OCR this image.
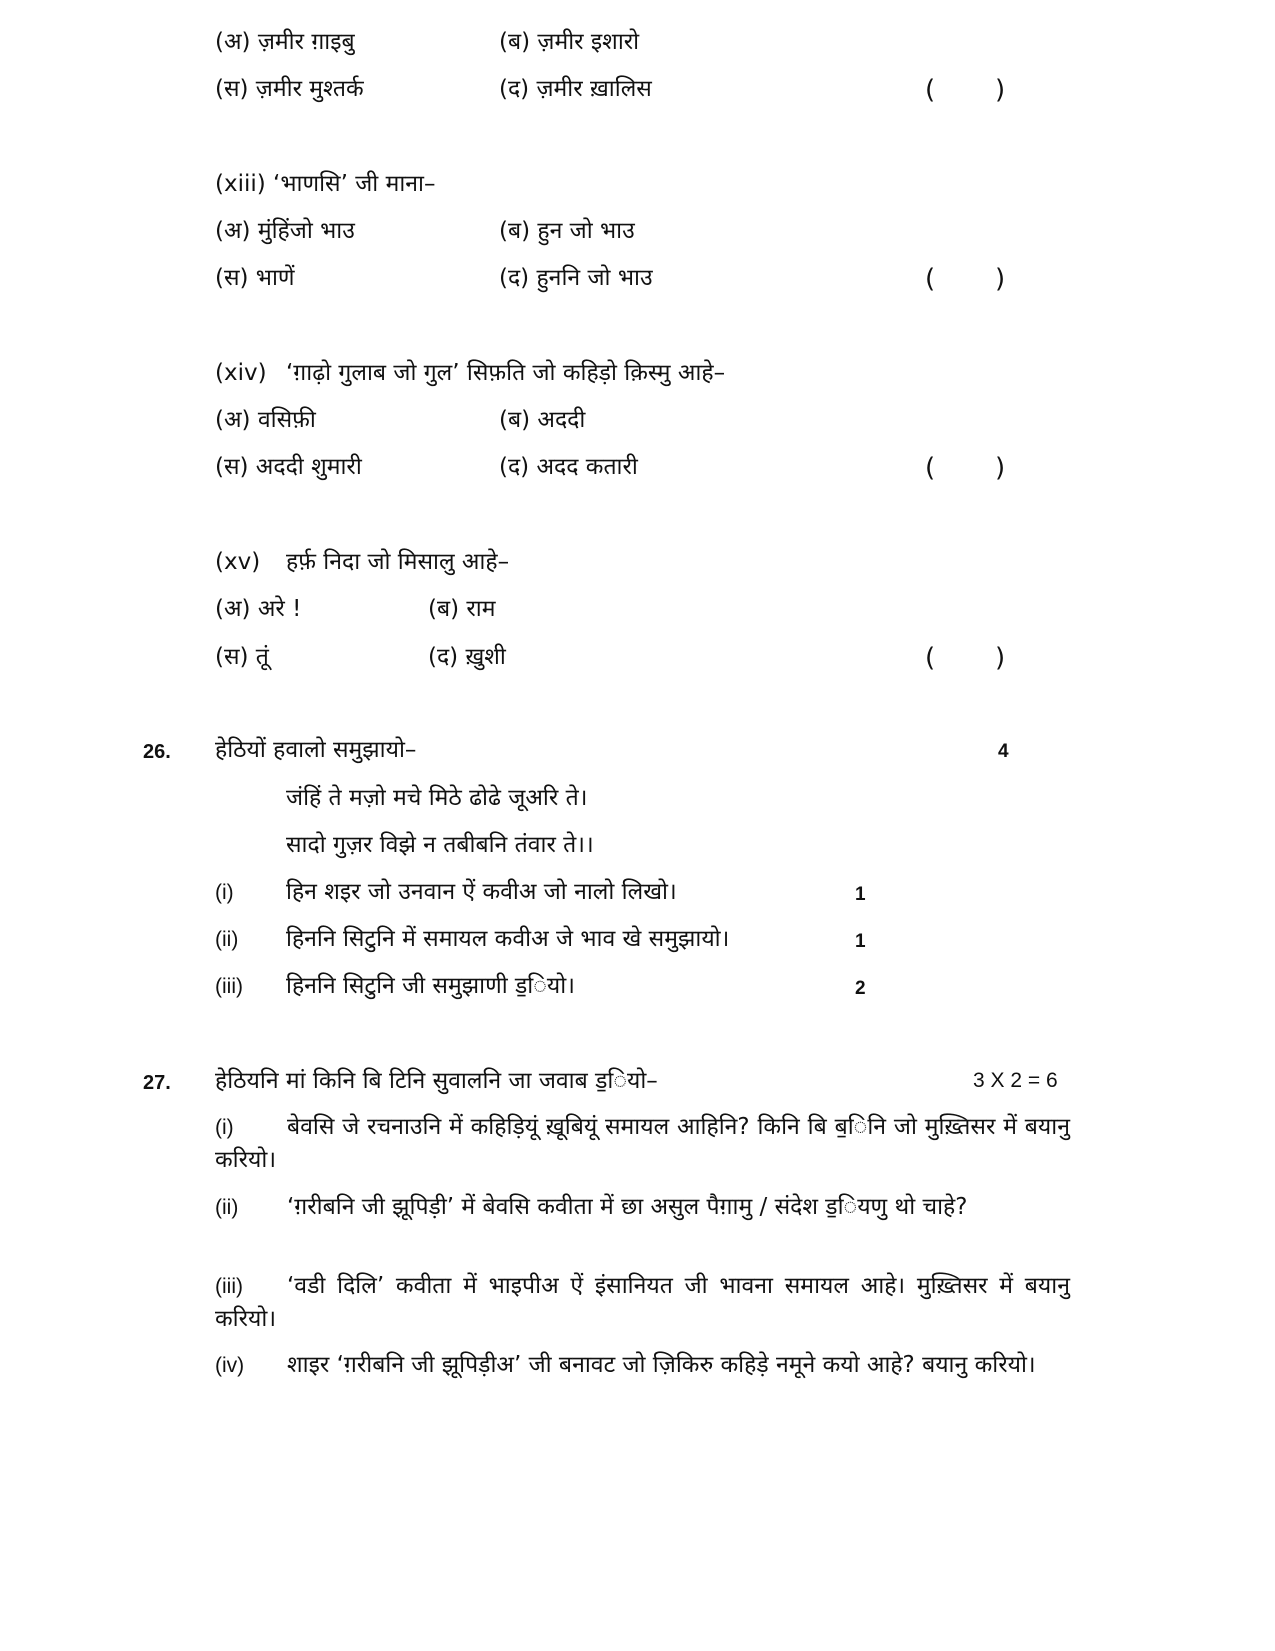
(अ) ज़मीर ग़ाइबु	(ब) ज़मीर इशारो
(स) ज़मीर मुश्तर्क	(द) ज़मीर ख़ालिस	( )
(xiii) ‘भाणसि’ जी माना–
(अ) मुंहिंजो भाउ	(ब) हुन जो भाउ
(स) भाणें	(द) हुननि जो भाउ	( )
(xiv) ‘ग़ाढ़ो गुलाब जो गुल’ सिफ़ति जो कहिड़ो क़िस्मु आहे–
(अ) वसिफ़ी	(ब) अददी
(स) अददी शुमारी	(द) अदद कतारी	( )
(xv) हर्फ़ निदा जो मिसालु आहे–
(अ) अरे !	(ब) राम
(स) तूं	(द) ख़ुशी	( )
26. हेठियों हवालो समुझायो–	4
जंहिं ते मज़ो मचे मिठे ढोढे जूअरि ते।
सादो गुज़र विझे न तबीबनि तंवार ते।।
(i) हिन शइर जो उनवान ऐं कवीअ जो नालो लिखो।	1
(ii) हिननि सिटुनि में समायल कवीअ जे भाव खे समुझायो।	1
(iii) हिननि सिटुनि जी समुझाणी ड॒ियो।	2
27. हेठियनि मां किनि बि टिनि सुवालनि जा जवाब ड॒ियो–	3 X 2 = 6
(i) बेवसि जे रचनाउनि में कहिड़ियूं ख़ूबियूं समायल आहिनि? किनि बि ब॒िनि जो मुख़्तिसर में बयानु करियो।
(ii) ‘ग़रीबनि जी झूपिड़ी’ में बेवसि कवीता में छा असुल पैग़ामु / संदेश ड॒ियणु थो चाहे?
(iii) ‘वडी दिलि’ कवीता में भाइपीअ ऐं इंसानियत जी भावना समायल आहे। मुख़्तिसर में बयानु करियो।
(iv) शाइर ‘ग़रीबनि जी झूपिड़ीअ’ जी बनावट जो ज़िकिरु कहिड़े नमूने कयो आहे? बयानु करियो।
